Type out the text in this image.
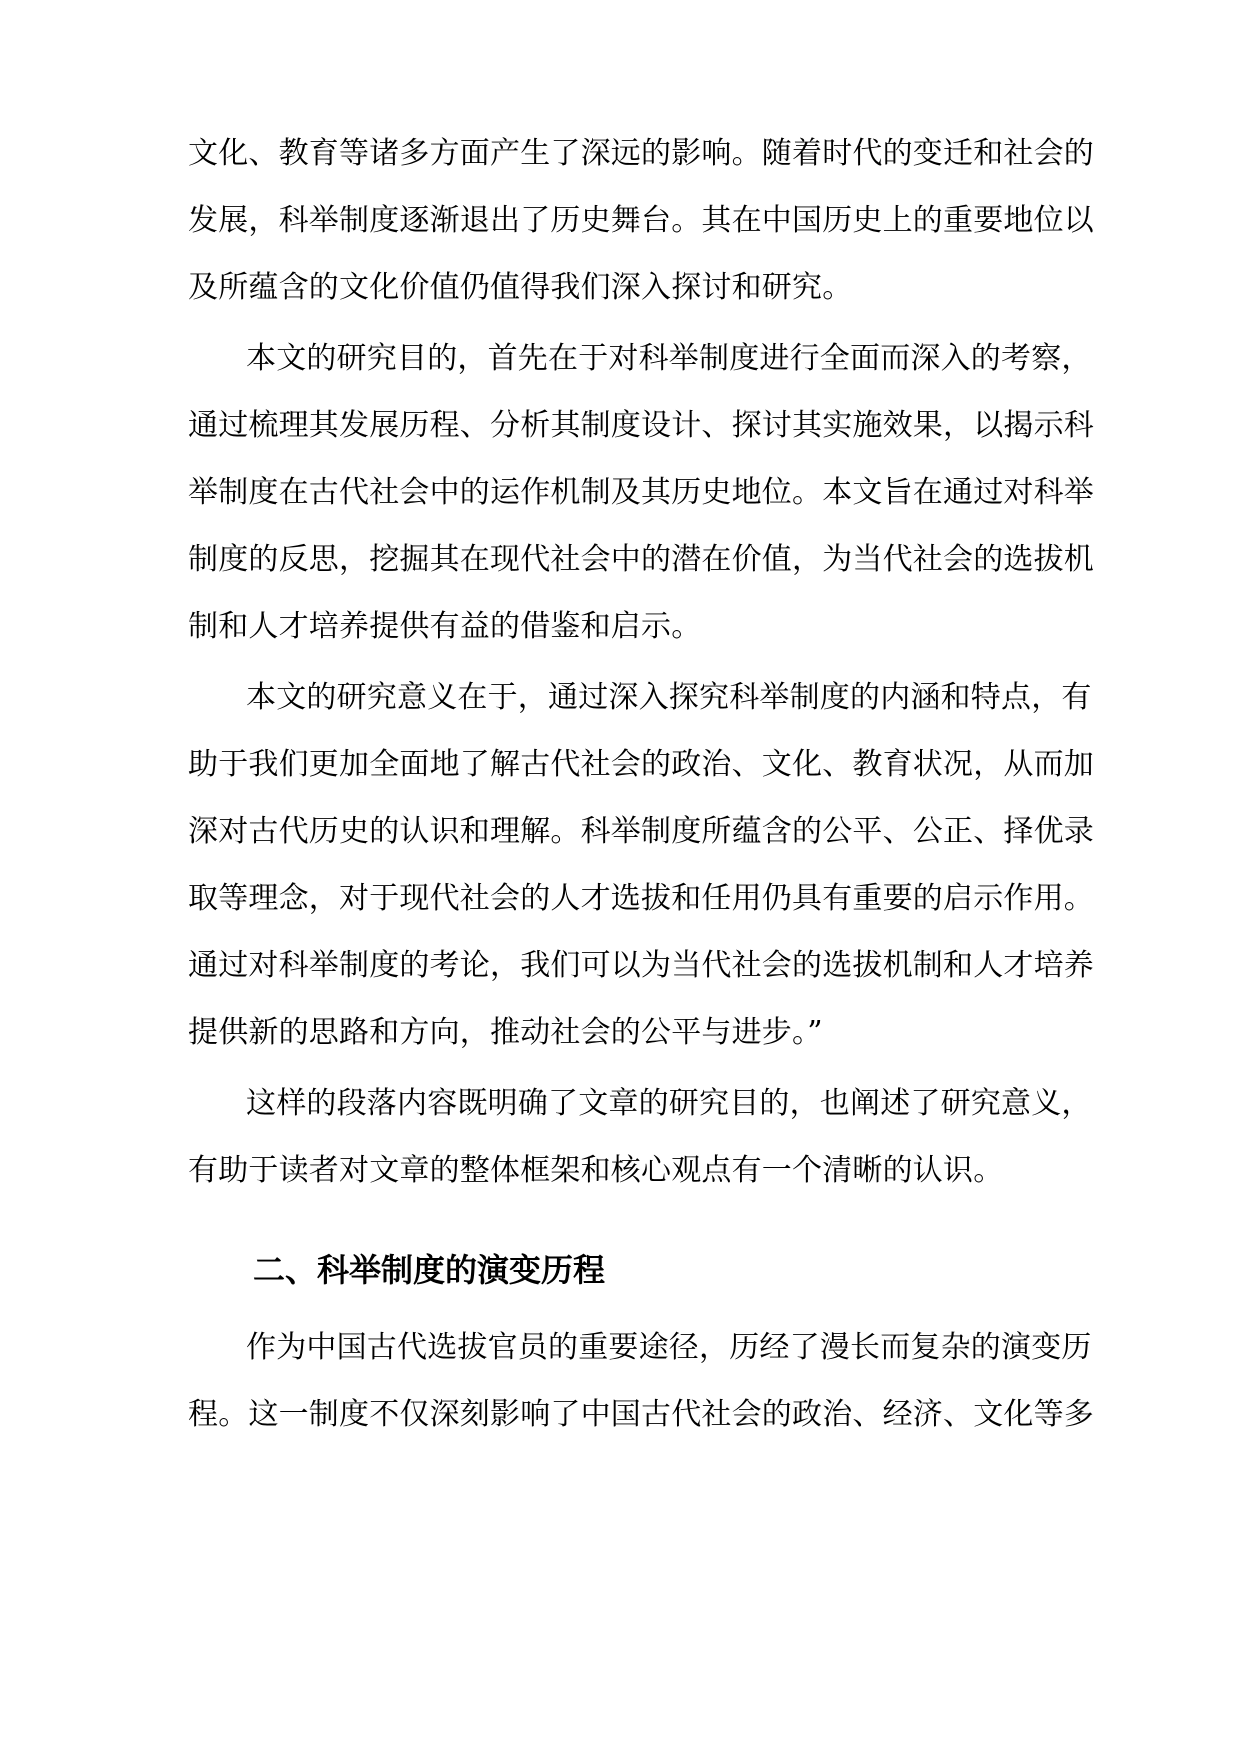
文化、教育等诸多方面产生了深远的影响。随着时代的变迁和社会的
发展，科举制度逐渐退出了历史舞台。其在中国历史上的重要地位以
及所蕴含的文化价值仍值得我们深入探讨和研究。
本文的研究目的，首先在于对科举制度进行全面而深入的考察，
通过梳理其发展历程、分析其制度设计、探讨其实施效果，以揭示科
举制度在古代社会中的运作机制及其历史地位。本文旨在通过对科举
制度的反思，挖掘其在现代社会中的潜在价值，为当代社会的选拔机
制和人才培养提供有益的借鉴和启示。
本文的研究意义在于，通过深入探究科举制度的内涵和特点，有
助于我们更加全面地了解古代社会的政治、文化、教育状况，从而加
深对古代历史的认识和理解。科举制度所蕴含的公平、公正、择优录
取等理念，对于现代社会的人才选拔和任用仍具有重要的启示作用。
通过对科举制度的考论，我们可以为当代社会的选拔机制和人才培养
提供新的思路和方向，推动社会的公平与进步。”
这样的段落内容既明确了文章的研究目的，也阐述了研究意义，
有助于读者对文章的整体框架和核心观点有一个清晰的认识。
二、科举制度的演变历程
作为中国古代选拔官员的重要途径，历经了漫长而复杂的演变历
程。这一制度不仅深刻影响了中国古代社会的政治、经济、文化等多
